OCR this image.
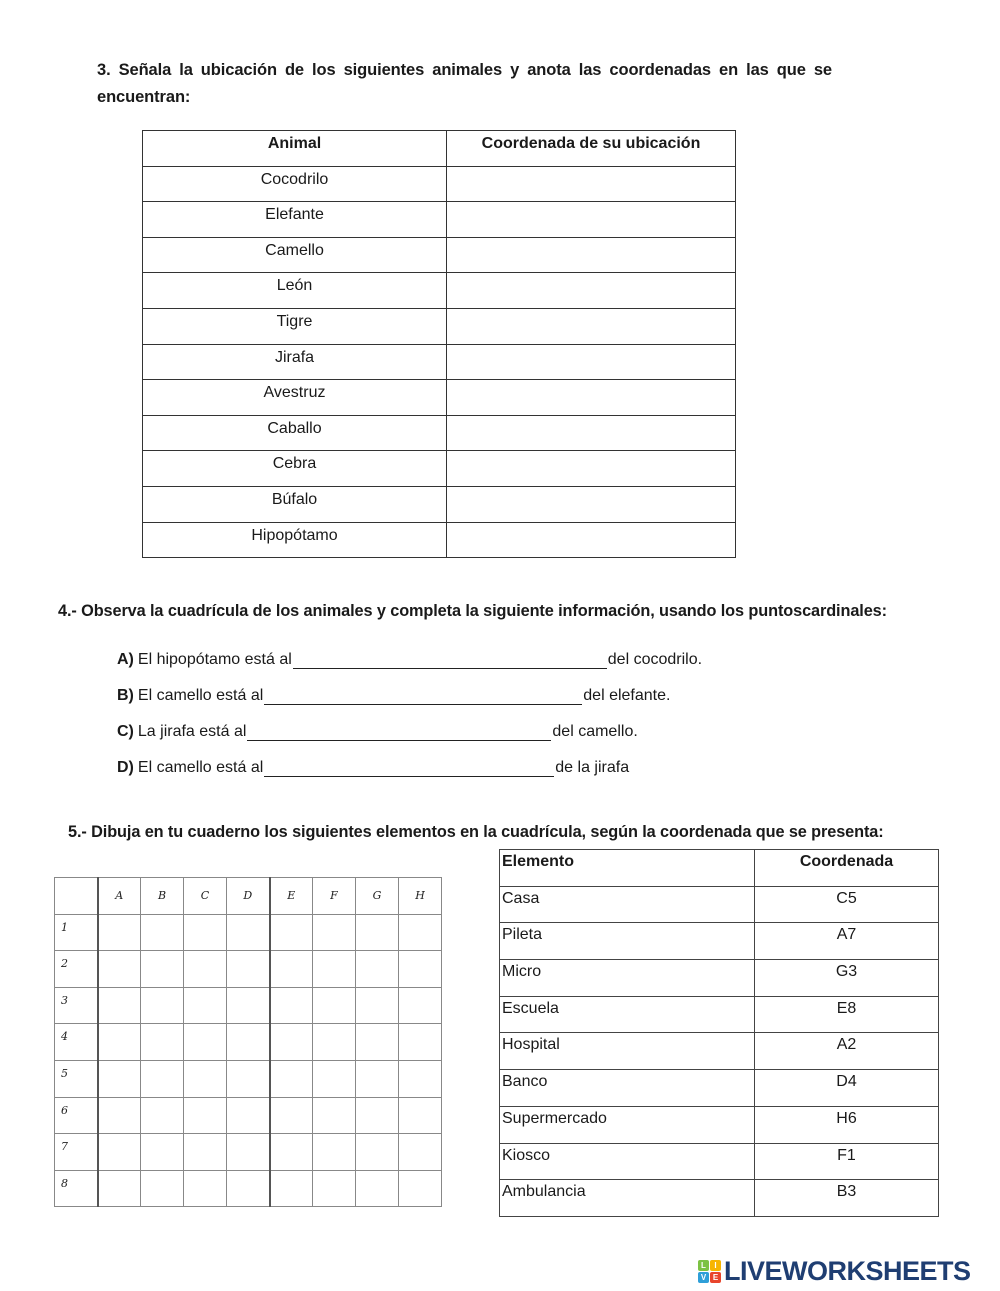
3. Señala la ubicación de los siguientes animales y anota las coordenadas en las que se encuentran:
Animal	Coordenada de su ubicación
Cocodrilo	
Elefante	
Camello	
León	
Tigre	
Jirafa	
Avestruz	
Caballo	
Cebra	
Búfalo	
Hipopótamo	
4.- Observa la cuadrícula de los animales y completa la siguiente información, usando los puntoscardinales:
A) El hipopótamo está al	del cocodrilo.
B) El camello está al	del elefante.
C) La jirafa está al	del camello.
D) El camello está al	de la jirafa
5.- Dibuja en tu cuaderno los siguientes elementos en la cuadrícula, según la coordenada que se presenta:
	A	B	C	D	E	F	G	H
1								
2								
3								
4								
5								
6								
7								
8								
Elemento	Coordenada
Casa	C5
Pileta	A7
Micro	G3
Escuela	E8
Hospital	A2
Banco	D4
Supermercado	H6
Kiosco	F1
Ambulancia	B3
L	I
V E LIVEWORKSHEETS
